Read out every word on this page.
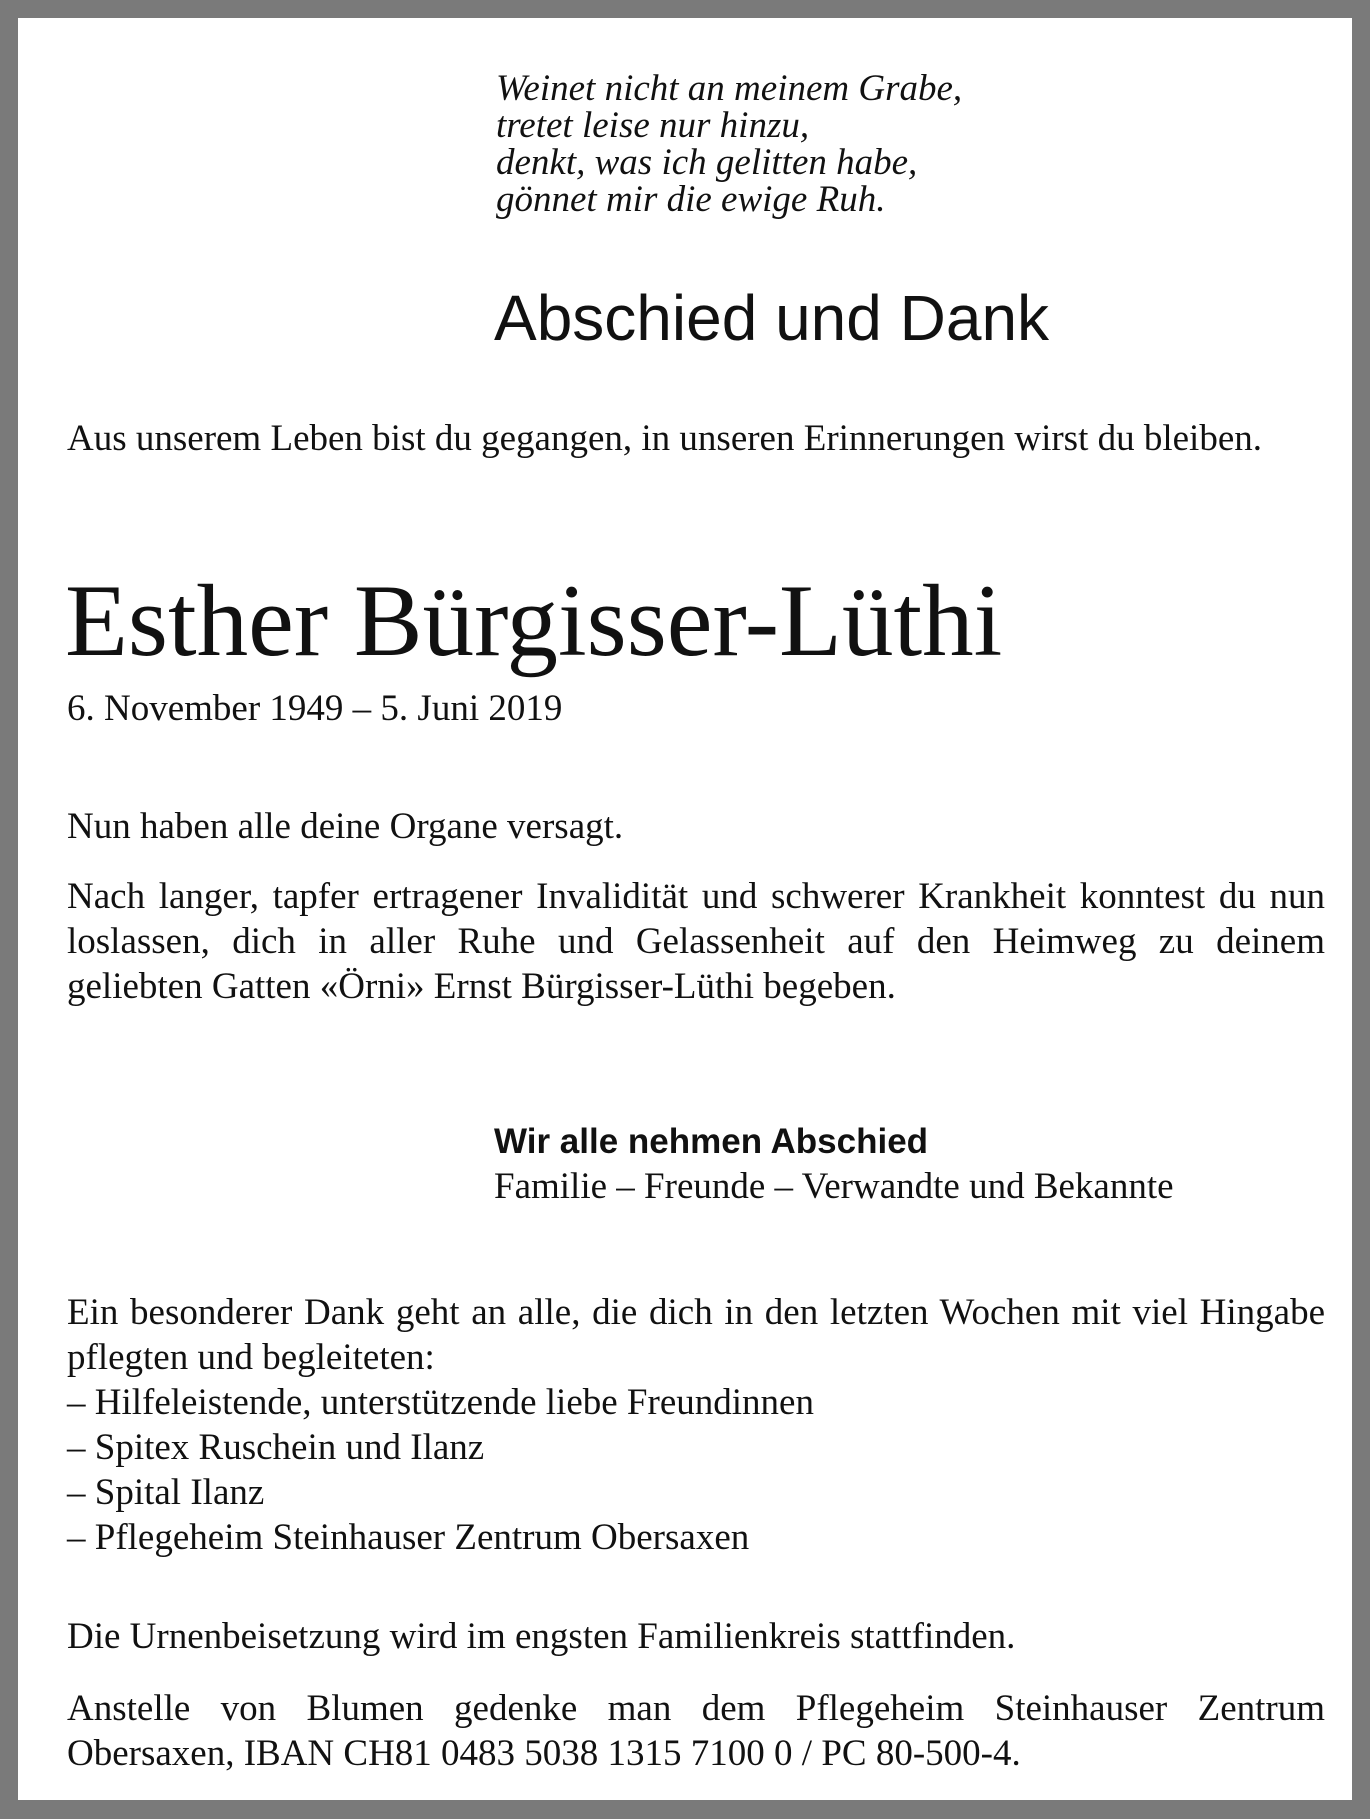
Weinet nicht an meinem Grabe,
tretet leise nur hinzu,
denkt, was ich gelitten habe,
gönnet mir die ewige Ruh.
Abschied und Dank

Aus unserem Leben bist du gegangen, in unseren Erinnerungen wirst du bleiben.

Esther Bürgisser-Lüthi

6. November 1949 – 5. Juni 2019

Nun haben alle deine Organe versagt.

Nach langer, tapfer ertragener Invalidität und schwerer Krankheit konntest du nun loslassen, dich in aller Ruhe und Gelassenheit auf den Heimweg zu deinem geliebten Gatten «Örni» Ernst Bürgisser-Lüthi begeben.

Wir alle nehmen Abschied
Familie – Freunde – Verwandte und Bekannte

Ein besonderer Dank geht an alle, die dich in den letzten Wochen mit viel Hingabe pflegten und begleiteten:

– Hilfeleistende, unterstützende liebe Freundinnen
– Spitex Ruschein und Ilanz
– Spital Ilanz
– Pflegeheim Steinhauser Zentrum Obersaxen

Die Urnenbeisetzung wird im engsten Familienkreis stattfinden.

Anstelle von Blumen gedenke man dem Pflegeheim Steinhauser Zentrum Obersaxen, IBAN CH81 0483 5038 1315 7100 0 / PC 80-500-4.
